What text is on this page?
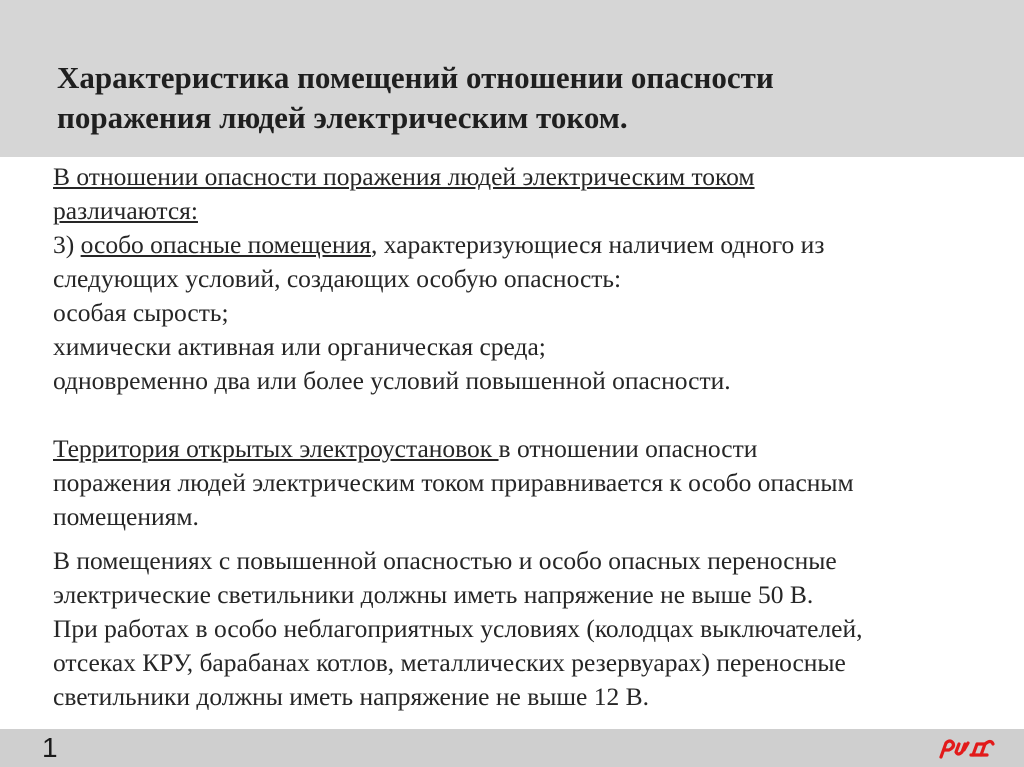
Характеристика помещений отношении опасности
поражения людей электрическим током.

В отношении опасности поражения людей электрическим током

различаются:

3) особо опасные помещения, характеризующиеся наличием одного из

следующих условий, создающих особую опасность:

особая сырость;

химически активная или органическая среда;

одновременно два или более условий повышенной опасности.

Территория открытых электроустановок в отношении опасности

поражения людей электрическим током приравнивается к особо опасным

помещениям.

В помещениях с повышенной опасностью и особо опасных переносные

электрические светильники должны иметь напряжение не выше 50 В.

При работах в особо неблагоприятных условиях (колодцах выключателей,

отсеках КРУ, барабанах котлов, металлических резервуарах) переносные

светильники должны иметь напряжение не выше 12 В.

1
